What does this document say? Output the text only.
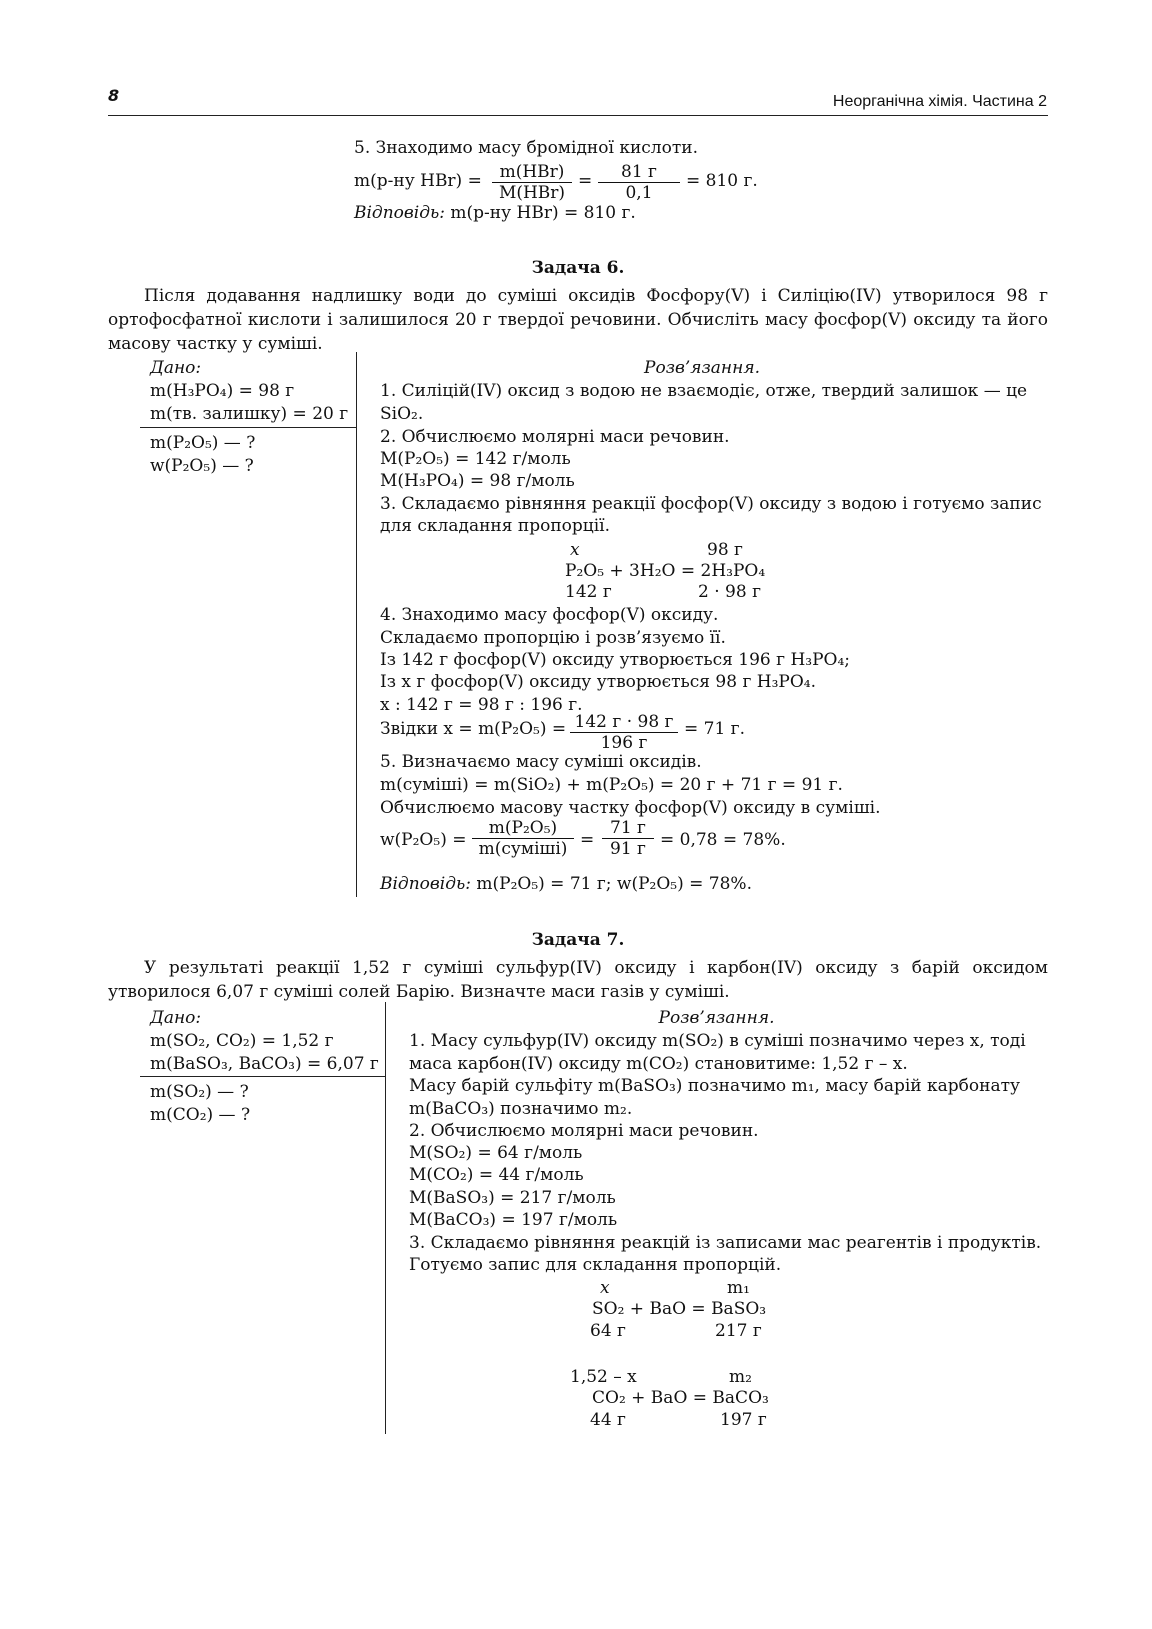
8	Неорганічна хімія. Частина 2
5. Знаходимо масу бромідної кислоти.
m(р-ну HBr) =	m(HBr)
M(HBr)
=	81 г
0,1
= 810 г.
Відповідь: m(р-ну HBr) = 810 г.
Задача 6.
Після додавання надлишку води до суміші оксидів Фосфору(V) і Силіцію(IV) утворилося 98 г ортофосфатної кислоти і залишилося 20 г твердої речовини. Обчисліть масу фосфор(V) оксиду та його масову частку у суміші.
Дано:
m(H₃PO₄) = 98 г
m(тв. залишку) = 20 г
m(P₂O₅) — ?
w(P₂O₅) — ?
Розв’язання.
1. Силіцій(IV) оксид з водою не взаємодіє, отже, твердий залишок — це
SiO₂.
2. Обчислюємо молярні маси речовин.
M(P₂O₅) = 142 г/моль
M(H₃PO₄) = 98 г/моль
3. Складаємо рівняння реакції фосфор(V) оксиду з водою і готуємо запис
для складання пропорції.
x	98 г
P₂O₅ + 3H₂O = 2H₃PO₄
142 г	2 · 98 г
4. Знаходимо масу фосфор(V) оксиду.
Складаємо пропорцію і розв’язуємо її.
Із 142 г фосфор(V) оксиду утворюється 196 г H₃PO₄;
Із x г фосфор(V) оксиду утворюється 98 г H₃PO₄.
x : 142 г = 98 г : 196 г.
Звідки x = m(P₂O₅) = 142 г · 98 г
196 г
= 71 г.
5. Визначаємо масу суміші оксидів.
m(суміші) = m(SiO₂) + m(P₂O₅) = 20 г + 71 г = 91 г.
Обчислюємо масову частку фосфор(V) оксиду в суміші.
w(P₂O₅) =
m(P₂O₅)
m(суміші) =
71 г
91 г = 0,78 = 78%.
Відповідь: m(P₂O₅) = 71 г; w(P₂O₅) = 78%.
Задача 7.
У результаті реакції 1,52 г суміші сульфур(IV) оксиду і карбон(IV) оксиду з барій оксидом утворилося 6,07 г суміші солей Барію. Визначте маси газів у суміші.
Дано:
m(SO₂, CO₂) = 1,52 г
m(BaSO₃, BaCO₃) = 6,07 г
m(SO₂) — ?
m(CO₂) — ?
Розв’язання.
1. Масу сульфур(IV) оксиду m(SO₂) в суміші позначимо через x, тоді
маса карбон(IV) оксиду m(CO₂) становитиме: 1,52 г – x.
Масу барій сульфіту m(BaSO₃) позначимо m₁, масу барій карбонату
m(BaCO₃) позначимо m₂.
2. Обчислюємо молярні маси речовин.
M(SO₂) = 64 г/моль
M(CO₂) = 44 г/моль
M(BaSO₃) = 217 г/моль
M(BaCO₃) = 197 г/моль
3. Складаємо рівняння реакцій із записами мас реагентів і продуктів.
Готуємо запис для складання пропорцій.
x	m₁
SO₂ + BaO = BaSO₃
64 г	217 г
1,52 – x	m₂
CO₂ + BaO = BaCO₃
44 г	197 г
